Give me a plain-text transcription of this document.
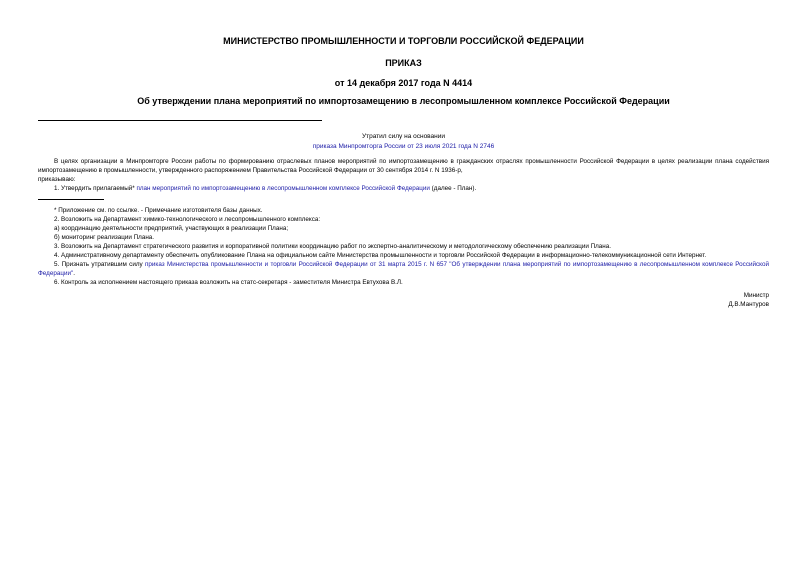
МИНИСТЕРСТВО ПРОМЫШЛЕННОСТИ И ТОРГОВЛИ РОССИЙСКОЙ ФЕДЕРАЦИИ
ПРИКАЗ
от 14 декабря 2017 года N 4414
Об утверждении плана мероприятий по импортозамещению в лесопромышленном комплексе Российской Федерации
Утратил силу на основании
приказа Минпромторга России от 23 июля 2021 года N 2746

В целях организации в Минпромторге России работы по формированию отраслевых планов мероприятий по импортозамещению в гражданских отраслях промышленности Российской Федерации в целях реализации плана содействия импортозамещению в промышленности, утвержденного распоряжением Правительства Российской Федерации от 30 сентября 2014 г. N 1936-р,

приказываю:

1. Утвердить прилагаемый* план мероприятий по импортозамещению в лесопромышленном комплексе Российской Федерации (далее - План).

* Приложение см. по ссылке. - Примечание изготовителя базы данных.

2. Возложить на Департамент химико-технологического и лесопромышленного комплекса:

а) координацию деятельности предприятий, участвующих в реализации Плана;

б) мониторинг реализации Плана.

3. Возложить на Департамент стратегического развития и корпоративной политики координацию работ по экспертно-аналитическому и методологическому обеспечению реализации Плана.

4. Административному департаменту обеспечить опубликование Плана на официальном сайте Министерства промышленности и торговли Российской Федерации в информационно-телекоммуникационной сети Интернет.

5. Признать утратившим силу приказ Министерства промышленности и торговли Российской Федерации от 31 марта 2015 г. N 657 "Об утверждении плана мероприятий по импортозамещению в лесопромышленном комплексе Российской Федерации".

6. Контроль за исполнением настоящего приказа возложить на статс-секретаря - заместителя Министра Евтухова В.Л.

Министр

Д.В.Мантуров
